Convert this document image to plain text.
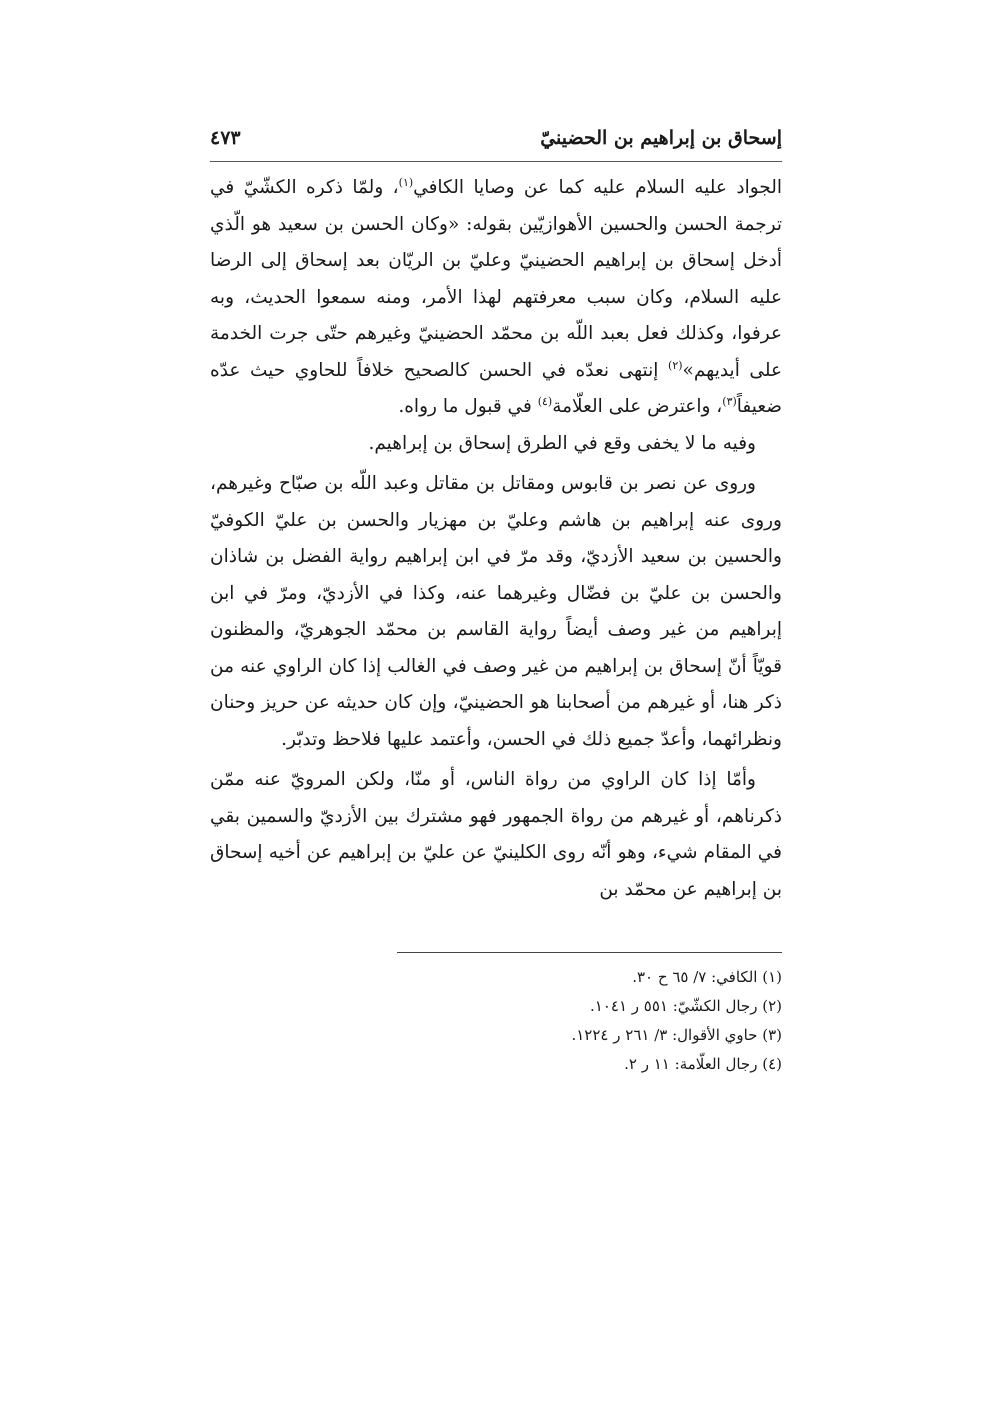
إسحاق بن إبراهيم بن الحضينيّ
٤٧٣

الجواد عليه السلام عليه كما عن وصايا الكافي$^{(١)}$، ولمّا ذكره الكشّيّ في ترجمة الحسن والحسين الأهوازيّين بقوله: «وكان الحسن بن سعيد هو الّذي أدخل إسحاق بن إبراهيم الحضينيّ وعليّ بن الريّان بعد إسحاق إلى الرضا عليه السلام، وكان سبب معرفتهم لهذا الأمر، ومنه سمعوا الحديث، وبه عرفوا، وكذلك فعل بعبد اللّه بن محمّد الحضينيّ وغيرهم حتّى جرت الخدمة على أيديهم»$^{(٢)}$ إنتهى نعدّه في الحسن كالصحيح خلافاً للحاوي حيث عدّه ضعيفاً$^{(٣)}$، واعترض على العلّامة$^{(٤)}$ في قبول ما رواه.

وفيه ما لا يخفى وقع في الطرق إسحاق بن إبراهيم.

وروى عن نصر بن قابوس ومقاتل بن مقاتل وعبد اللّه بن صبّاح وغيرهم، وروى عنه إبراهيم بن هاشم وعليّ بن مهزيار والحسن بن عليّ الكوفيّ والحسين بن سعيد الأزديّ، وقد مرّ في ابن إبراهيم رواية الفضل بن شاذان والحسن بن عليّ بن فضّال وغيرهما عنه، وكذا في الأزديّ، ومرّ في ابن إبراهيم من غير وصف أيضاً رواية القاسم بن محمّد الجوهريّ، والمظنون قويّاً أنّ إسحاق بن إبراهيم من غير وصف في الغالب إذا كان الراوي عنه من ذكر هنا، أو غيرهم من أصحابنا هو الحضينيّ، وإن كان حديثه عن حريز وحنان ونظرائهما، وأعدّ جميع ذلك في الحسن، وأعتمد عليها فلاحظ وتدبّر.

وأمّا إذا كان الراوي من رواة الناس، أو منّا، ولكن المرويّ عنه ممّن ذكرناهم، أو غيرهم من رواة الجمهور فهو مشترك بين الأزديّ والسمين بقي في المقام شيء، وهو أنّه روى الكلينيّ عن عليّ بن إبراهيم عن أخيه إسحاق بن إبراهيم عن محمّد بن

(١) الكافي: ٧/ ٦٥ ح ٣٠.
(٢) رجال الكشّيّ: ٥٥١ ر ١٠٤١.
(٣) حاوي الأقوال: ٣/ ٢٦١ ر ١٢٢٤.
(٤) رجال العلّامة: ١١ ر ٢.
